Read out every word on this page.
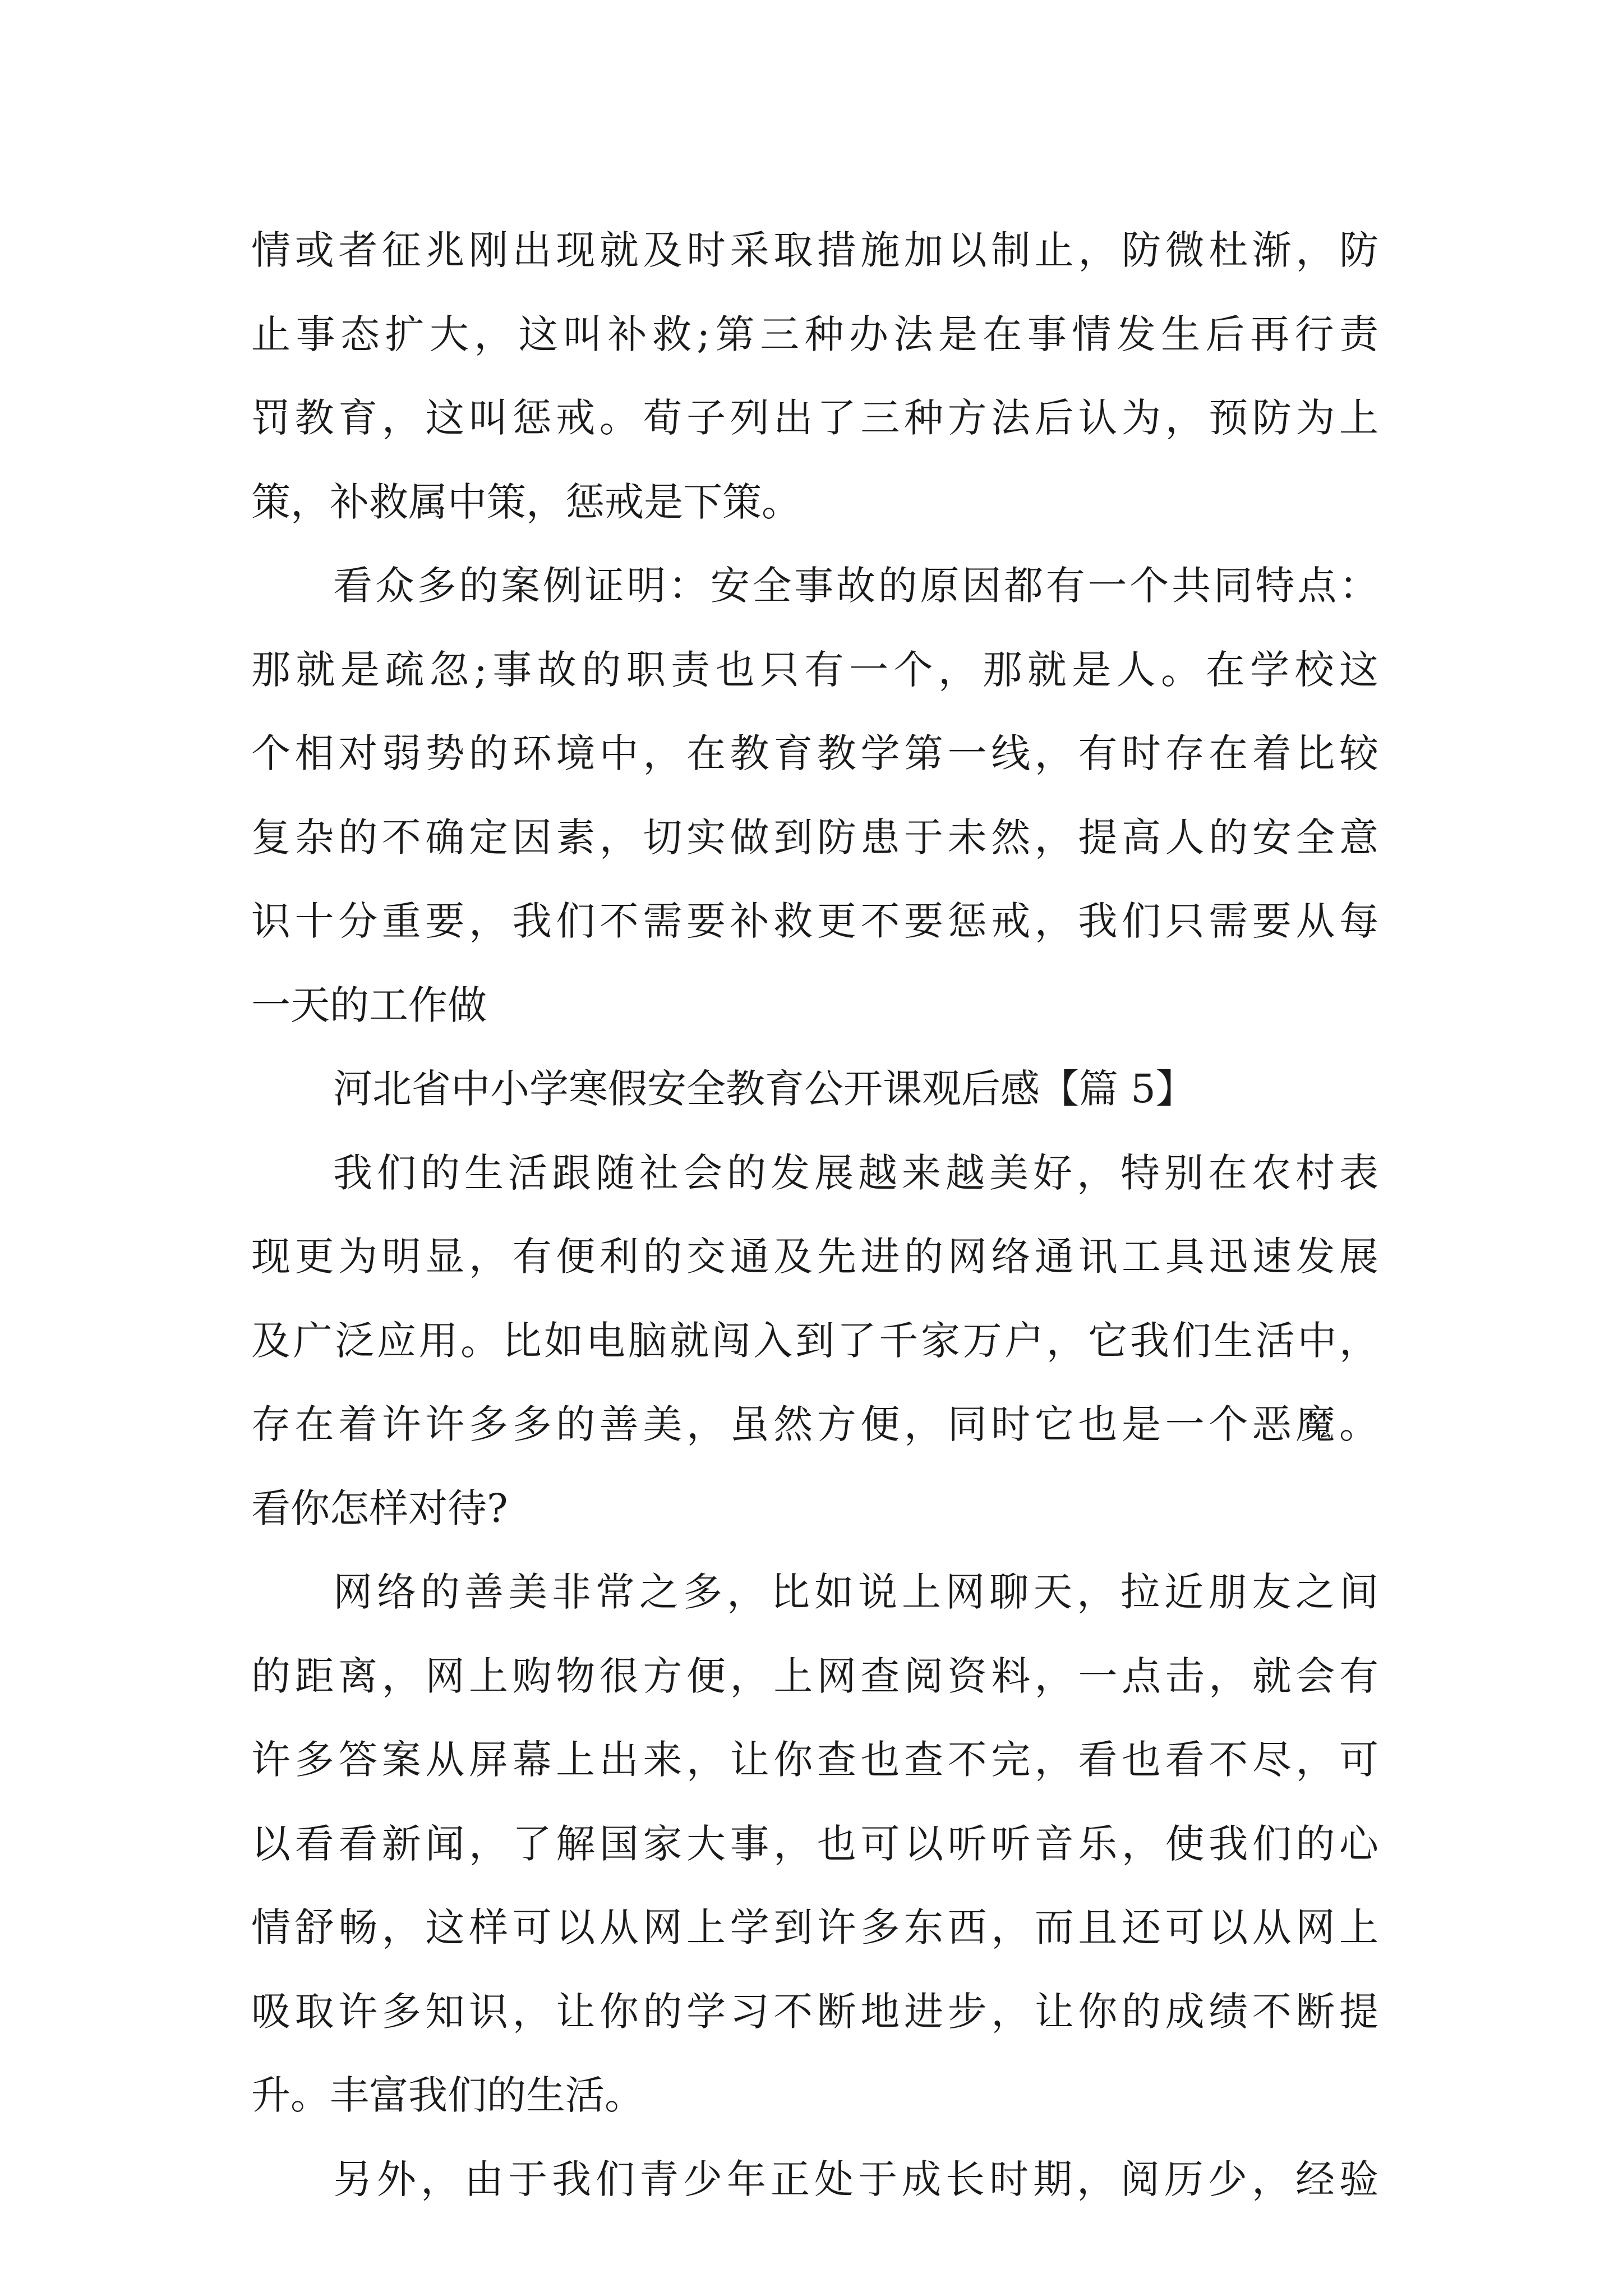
情或者征兆刚出现就及时采取措施加以制止，防微杜渐，防
止事态扩大，这叫补救;第三种办法是在事情发生后再行责
罚教育，这叫惩戒。荀子列出了三种方法后认为，预防为上
策，补救属中策，惩戒是下策。
看众多的案例证明：安全事故的原因都有一个共同特点：
那就是疏忽;事故的职责也只有一个，那就是人。在学校这
个相对弱势的环境中，在教育教学第一线，有时存在着比较
复杂的不确定因素，切实做到防患于未然，提高人的安全意
识十分重要，我们不需要补救更不要惩戒，我们只需要从每
一天的工作做
河北省中小学寒假安全教育公开课观后感【篇 5】
我们的生活跟随社会的发展越来越美好，特别在农村表
现更为明显，有便利的交通及先进的网络通讯工具迅速发展
及广泛应用。比如电脑就闯入到了千家万户，它我们生活中，
存在着许许多多的善美，虽然方便，同时它也是一个恶魔。
看你怎样对待?
网络的善美非常之多，比如说上网聊天，拉近朋友之间
的距离，网上购物很方便，上网查阅资料，一点击，就会有
许多答案从屏幕上出来，让你查也查不完，看也看不尽，可
以看看新闻，了解国家大事，也可以听听音乐，使我们的心
情舒畅，这样可以从网上学到许多东西，而且还可以从网上
吸取许多知识，让你的学习不断地进步，让你的成绩不断提
升。丰富我们的生活。
另外，由于我们青少年正处于成长时期，阅历少，经验
